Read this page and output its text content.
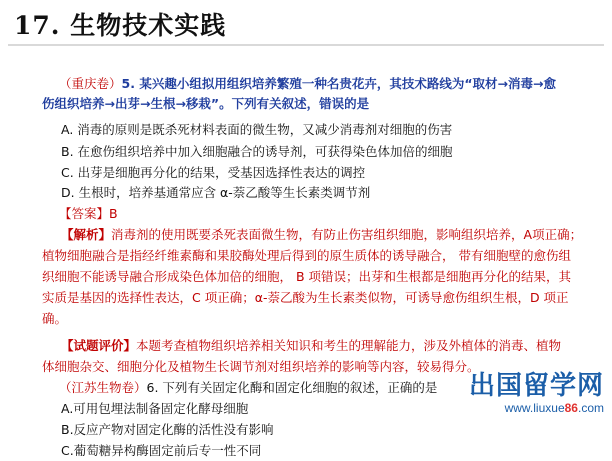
17. 生物技术实践
（重庆卷）5. 某兴趣小组拟用组织培养繁殖一种名贵花卉，其技术路线为“取材→消毒→愈
伤组织培养→出芽→生根→移栽”。下列有关叙述，错误的是
A. 消毒的原则是既杀死材料表面的微生物，又减少消毒剂对细胞的伤害
B. 在愈伤组织培养中加入细胞融合的诱导剂，可获得染色体加倍的细胞
C. 出芽是细胞再分化的结果，受基因选择性表达的调控
D. 生根时，培养基通常应含 α-萘乙酸等生长素类调节剂
【答案】B
【解析】消毒剂的使用既要杀死表面微生物，有防止伤害组织细胞，影响组织培养，A项正确；
植物细胞融合是指经纤维素酶和果胶酶处理后得到的原生质体的诱导融合， 带有细胞壁的愈伤组
织细胞不能诱导融合形成染色体加倍的细胞， B 项错误；出芽和生根都是细胞再分化的结果，其
实质是基因的选择性表达，C 项正确；α-萘乙酸为生长素类似物，可诱导愈伤组织生根，D 项正
确。
【试题评价】本题考查植物组织培养相关知识和考生的理解能力，涉及外植体的消毒、植物
体细胞杂交、细胞分化及植物生长调节剂对组织培养的影响等内容，较易得分。
（江苏生物卷）6. 下列有关固定化酶和固定化细胞的叙述，正确的是
A.可用包埋法制备固定化酵母细胞
B.反应产物对固定化酶的活性没有影响
C.葡萄糖异构酶固定前后专一性不同
出国留学网
www.liuxue86.com
